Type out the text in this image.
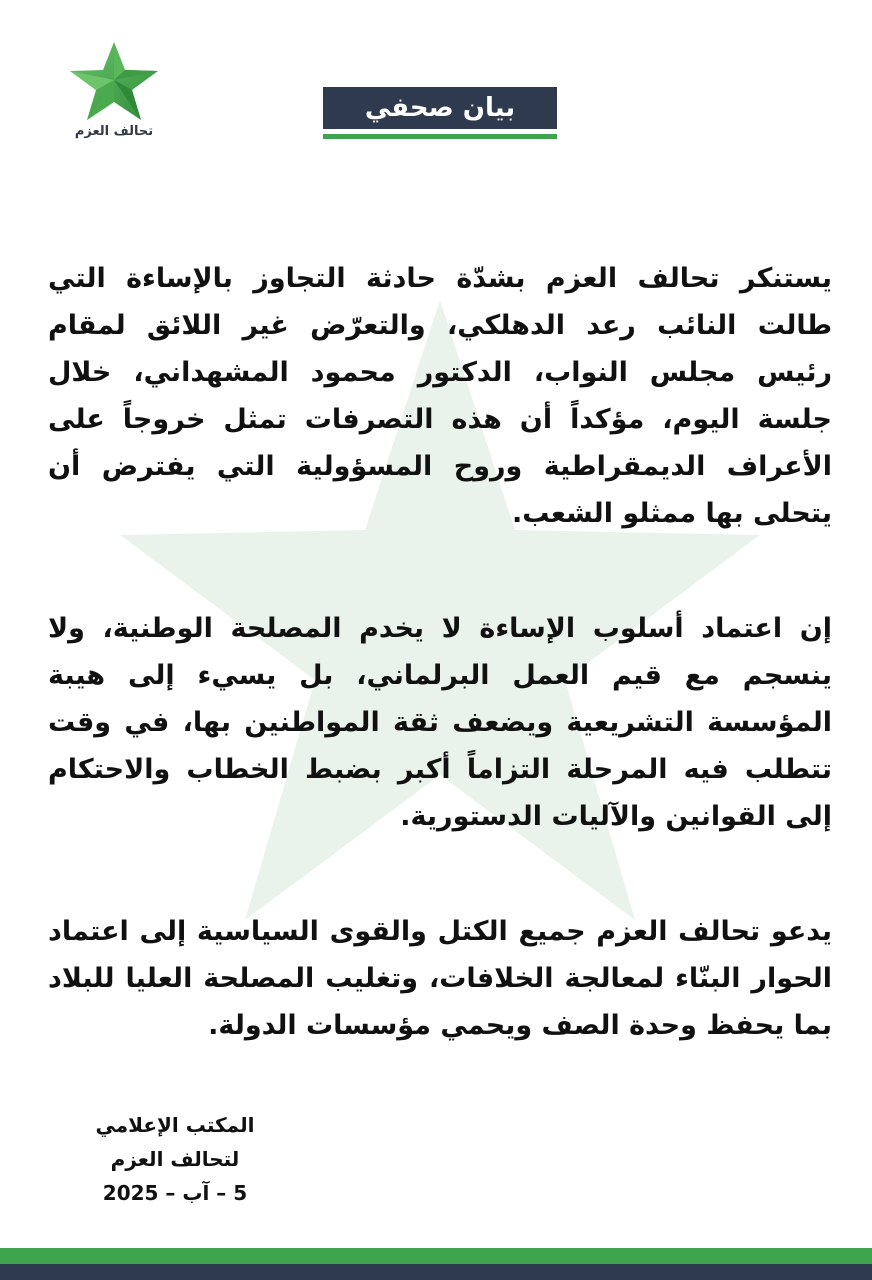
تحالف العزم
بيان صحفي

يستنكر تحالف العزم بشدّة حادثة التجاوز بالإساءة التي طالت النائب رعد الدهلكي، والتعرّض غير اللائق لمقام رئيس مجلس النواب، الدكتور محمود المشهداني، خلال جلسة اليوم، مؤكداً أن هذه التصرفات تمثل خروجاً على الأعراف الديمقراطية وروح المسؤولية التي يفترض أن يتحلى بها ممثلو الشعب.

إن اعتماد أسلوب الإساءة لا يخدم المصلحة الوطنية، ولا ينسجم مع قيم العمل البرلماني، بل يسيء إلى هيبة المؤسسة التشريعية ويضعف ثقة المواطنين بها، في وقت تتطلب فيه المرحلة التزاماً أكبر بضبط الخطاب والاحتكام إلى القوانين والآليات الدستورية.

يدعو تحالف العزم جميع الكتل والقوى السياسية إلى اعتماد الحوار البنّاء لمعالجة الخلافات، وتغليب المصلحة العليا للبلاد بما يحفظ وحدة الصف ويحمي مؤسسات الدولة.

المكتب الإعلامي
لتحالف العزم
5 – آب – 2025
